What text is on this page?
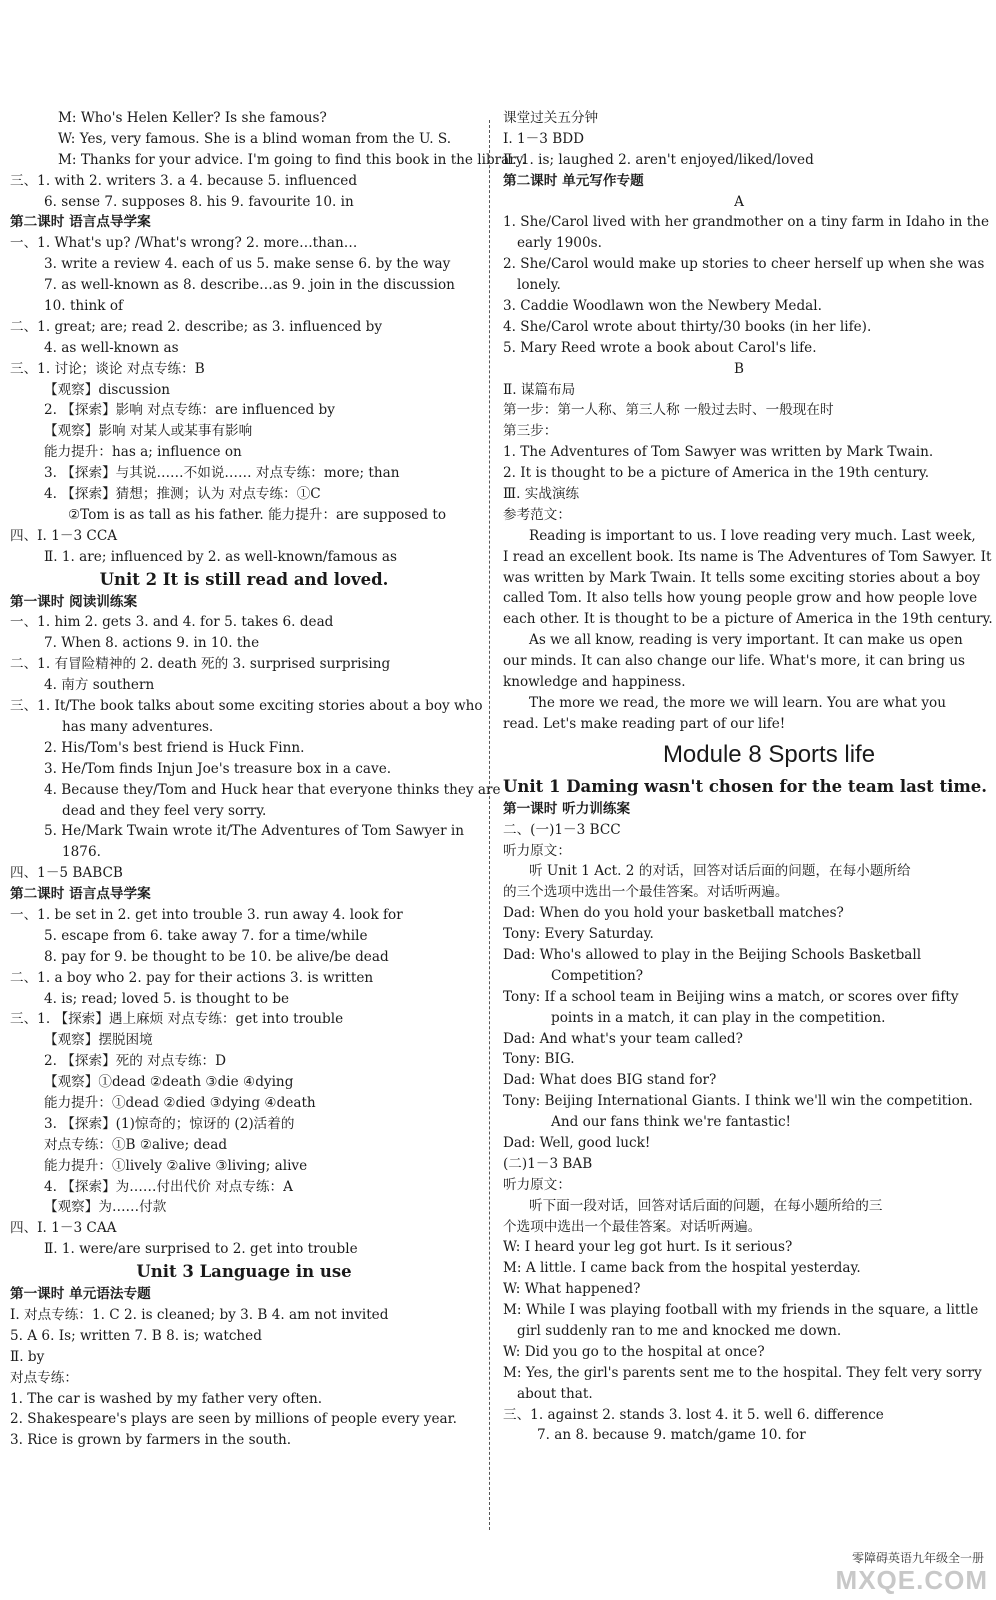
M: Who's Helen Keller? Is she famous?
W: Yes, very famous. She is a blind woman from the U. S.
M: Thanks for your advice. I'm going to find this book in the library.
三、1. with 2. writers 3. a 4. because 5. influenced
6. sense 7. supposes 8. his 9. favourite 10. in
第二课时 语言点导学案
一、1. What's up? /What's wrong? 2. more…than…
3. write a review 4. each of us 5. make sense 6. by the way
7. as well-known as 8. describe…as 9. join in the discussion
10. think of
二、1. great; are; read 2. describe; as 3. influenced by
4. as well-known as
三、1. 讨论；谈论 对点专练：B
【观察】discussion
2. 【探索】影响 对点专练：are influenced by
【观察】影响 对某人或某事有影响
能力提升：has a; influence on
3. 【探索】与其说……不如说…… 对点专练：more; than
4. 【探索】猜想；推测；认为 对点专练：①C
②Tom is as tall as his father. 能力提升：are supposed to
四、Ⅰ. 1－3 CCA
Ⅱ. 1. are; influenced by 2. as well-known/famous as
Unit 2 It is still read and loved.
第一课时 阅读训练案
一、1. him 2. gets 3. and 4. for 5. takes 6. dead
7. When 8. actions 9. in 10. the
二、1. 有冒险精神的 2. death 死的 3. surprised surprising
4. 南方 southern
三、1. It/The book talks about some exciting stories about a boy who
has many adventures.
2. His/Tom's best friend is Huck Finn.
3. He/Tom finds Injun Joe's treasure box in a cave.
4. Because they/Tom and Huck hear that everyone thinks they are
dead and they feel very sorry.
5. He/Mark Twain wrote it/The Adventures of Tom Sawyer in
1876.
四、1－5 BABCB
第二课时 语言点导学案
一、1. be set in 2. get into trouble 3. run away 4. look for
5. escape from 6. take away 7. for a time/while
8. pay for 9. be thought to be 10. be alive/be dead
二、1. a boy who 2. pay for their actions 3. is written
4. is; read; loved 5. is thought to be
三、1. 【探索】遇上麻烦 对点专练：get into trouble
【观察】摆脱困境
2. 【探索】死的 对点专练：D
【观察】①dead ②death ③die ④dying
能力提升：①dead ②died ③dying ④death
3. 【探索】(1)惊奇的；惊讶的 (2)活着的
对点专练：①B ②alive; dead
能力提升：①lively ②alive ③living; alive
4. 【探索】为……付出代价 对点专练：A
【观察】为……付款
四、Ⅰ. 1－3 CAA
Ⅱ. 1. were/are surprised to 2. get into trouble
Unit 3 Language in use
第一课时 单元语法专题
Ⅰ. 对点专练：1. C 2. is cleaned; by 3. B 4. am not invited
5. A 6. Is; written 7. B 8. is; watched
Ⅱ. by
对点专练：
1. The car is washed by my father very often.
2. Shakespeare's plays are seen by millions of people every year.
3. Rice is grown by farmers in the south.
课堂过关五分钟
Ⅰ. 1－3 BDD
Ⅱ. 1. is; laughed 2. aren't enjoyed/liked/loved
第二课时 单元写作专题
A
1. She/Carol lived with her grandmother on a tiny farm in Idaho in the
early 1900s.
2. She/Carol would make up stories to cheer herself up when she was
lonely.
3. Caddie Woodlawn won the Newbery Medal.
4. She/Carol wrote about thirty/30 books (in her life).
5. Mary Reed wrote a book about Carol's life.
B
Ⅱ. 谋篇布局
第一步：第一人称、第三人称 一般过去时、一般现在时
第三步：
1. The Adventures of Tom Sawyer was written by Mark Twain.
2. It is thought to be a picture of America in the 19th century.
Ⅲ. 实战演练
参考范文：
Reading is important to us. I love reading very much. Last week,
I read an excellent book. Its name is The Adventures of Tom Sawyer. It
was written by Mark Twain. It tells some exciting stories about a boy
called Tom. It also tells how young people grow and how people love
each other. It is thought to be a picture of America in the 19th century.
As we all know, reading is very important. It can make us open
our minds. It can also change our life. What's more, it can bring us
knowledge and happiness.
The more we read, the more we will learn. You are what you
read. Let's make reading part of our life!
Module 8 Sports life
Unit 1 Daming wasn't chosen for the team last time.
第一课时 听力训练案
二、(一)1－3 BCC
听力原文：
听 Unit 1 Act. 2 的对话，回答对话后面的问题，在每小题所给
的三个选项中选出一个最佳答案。对话听两遍。
Dad: When do you hold your basketball matches?
Tony: Every Saturday.
Dad: Who's allowed to play in the Beijing Schools Basketball
Competition?
Tony: If a school team in Beijing wins a match, or scores over fifty
points in a match, it can play in the competition.
Dad: And what's your team called?
Tony: BIG.
Dad: What does BIG stand for?
Tony: Beijing International Giants. I think we'll win the competition.
And our fans think we're fantastic!
Dad: Well, good luck!
(二)1－3 BAB
听力原文：
听下面一段对话，回答对话后面的问题，在每小题所给的三
个选项中选出一个最佳答案。对话听两遍。
W: I heard your leg got hurt. Is it serious?
M: A little. I came back from the hospital yesterday.
W: What happened?
M: While I was playing football with my friends in the square, a little
girl suddenly ran to me and knocked me down.
W: Did you go to the hospital at once?
M: Yes, the girl's parents sent me to the hospital. They felt very sorry
about that.
三、1. against 2. stands 3. lost 4. it 5. well 6. difference
7. an 8. because 9. match/game 10. for
零障碍英语九年级全一册
MXQE.COM
